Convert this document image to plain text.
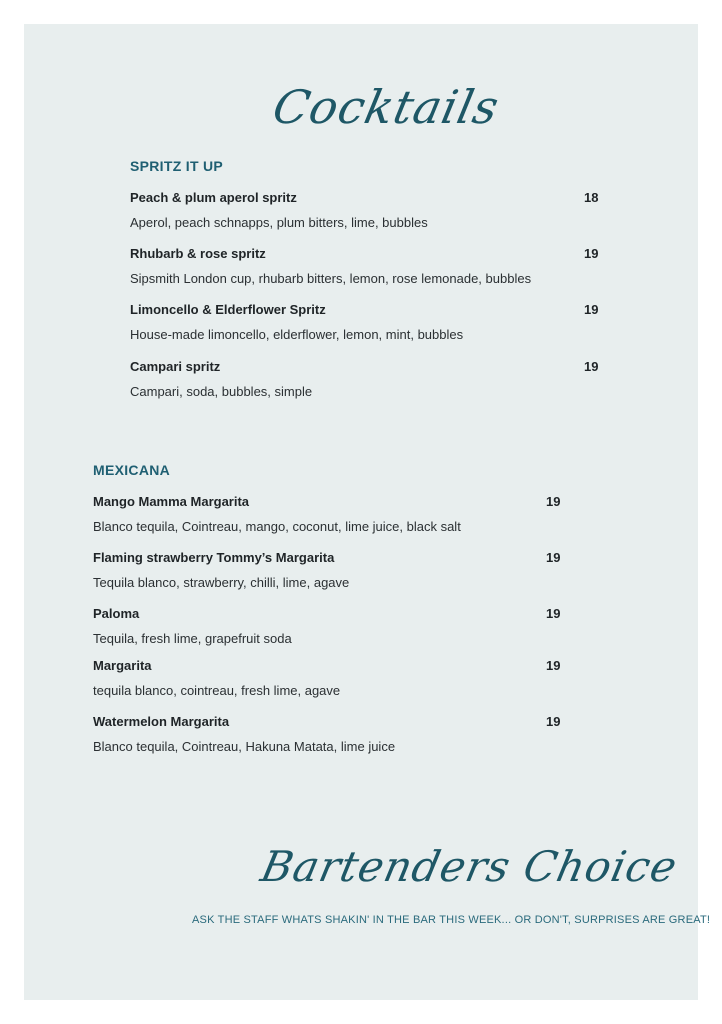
Cocktails
SPRITZ IT UP
Peach & plum aperol spritz	18
Aperol, peach schnapps, plum bitters, lime, bubbles
Rhubarb & rose spritz	19
Sipsmith London cup, rhubarb bitters, lemon, rose lemonade, bubbles
Limoncello & Elderflower Spritz	19
House-made limoncello, elderflower, lemon, mint, bubbles
Campari spritz	19
Campari, soda, bubbles, simple
MEXICANA
Mango Mamma Margarita	19
Blanco tequila, Cointreau, mango, coconut, lime juice, black salt
Flaming strawberry Tommy’s Margarita	19
Tequila blanco, strawberry, chilli, lime, agave
Paloma	19
Tequila, fresh lime, grapefruit soda
Margarita	19
tequila blanco, cointreau, fresh lime, agave
Watermelon Margarita	19
Blanco tequila, Cointreau, Hakuna Matata, lime juice
Bartenders Choice
ASK THE STAFF WHATS SHAKIN' IN THE BAR THIS WEEK... OR DON'T, SURPRISES ARE GREAT!
